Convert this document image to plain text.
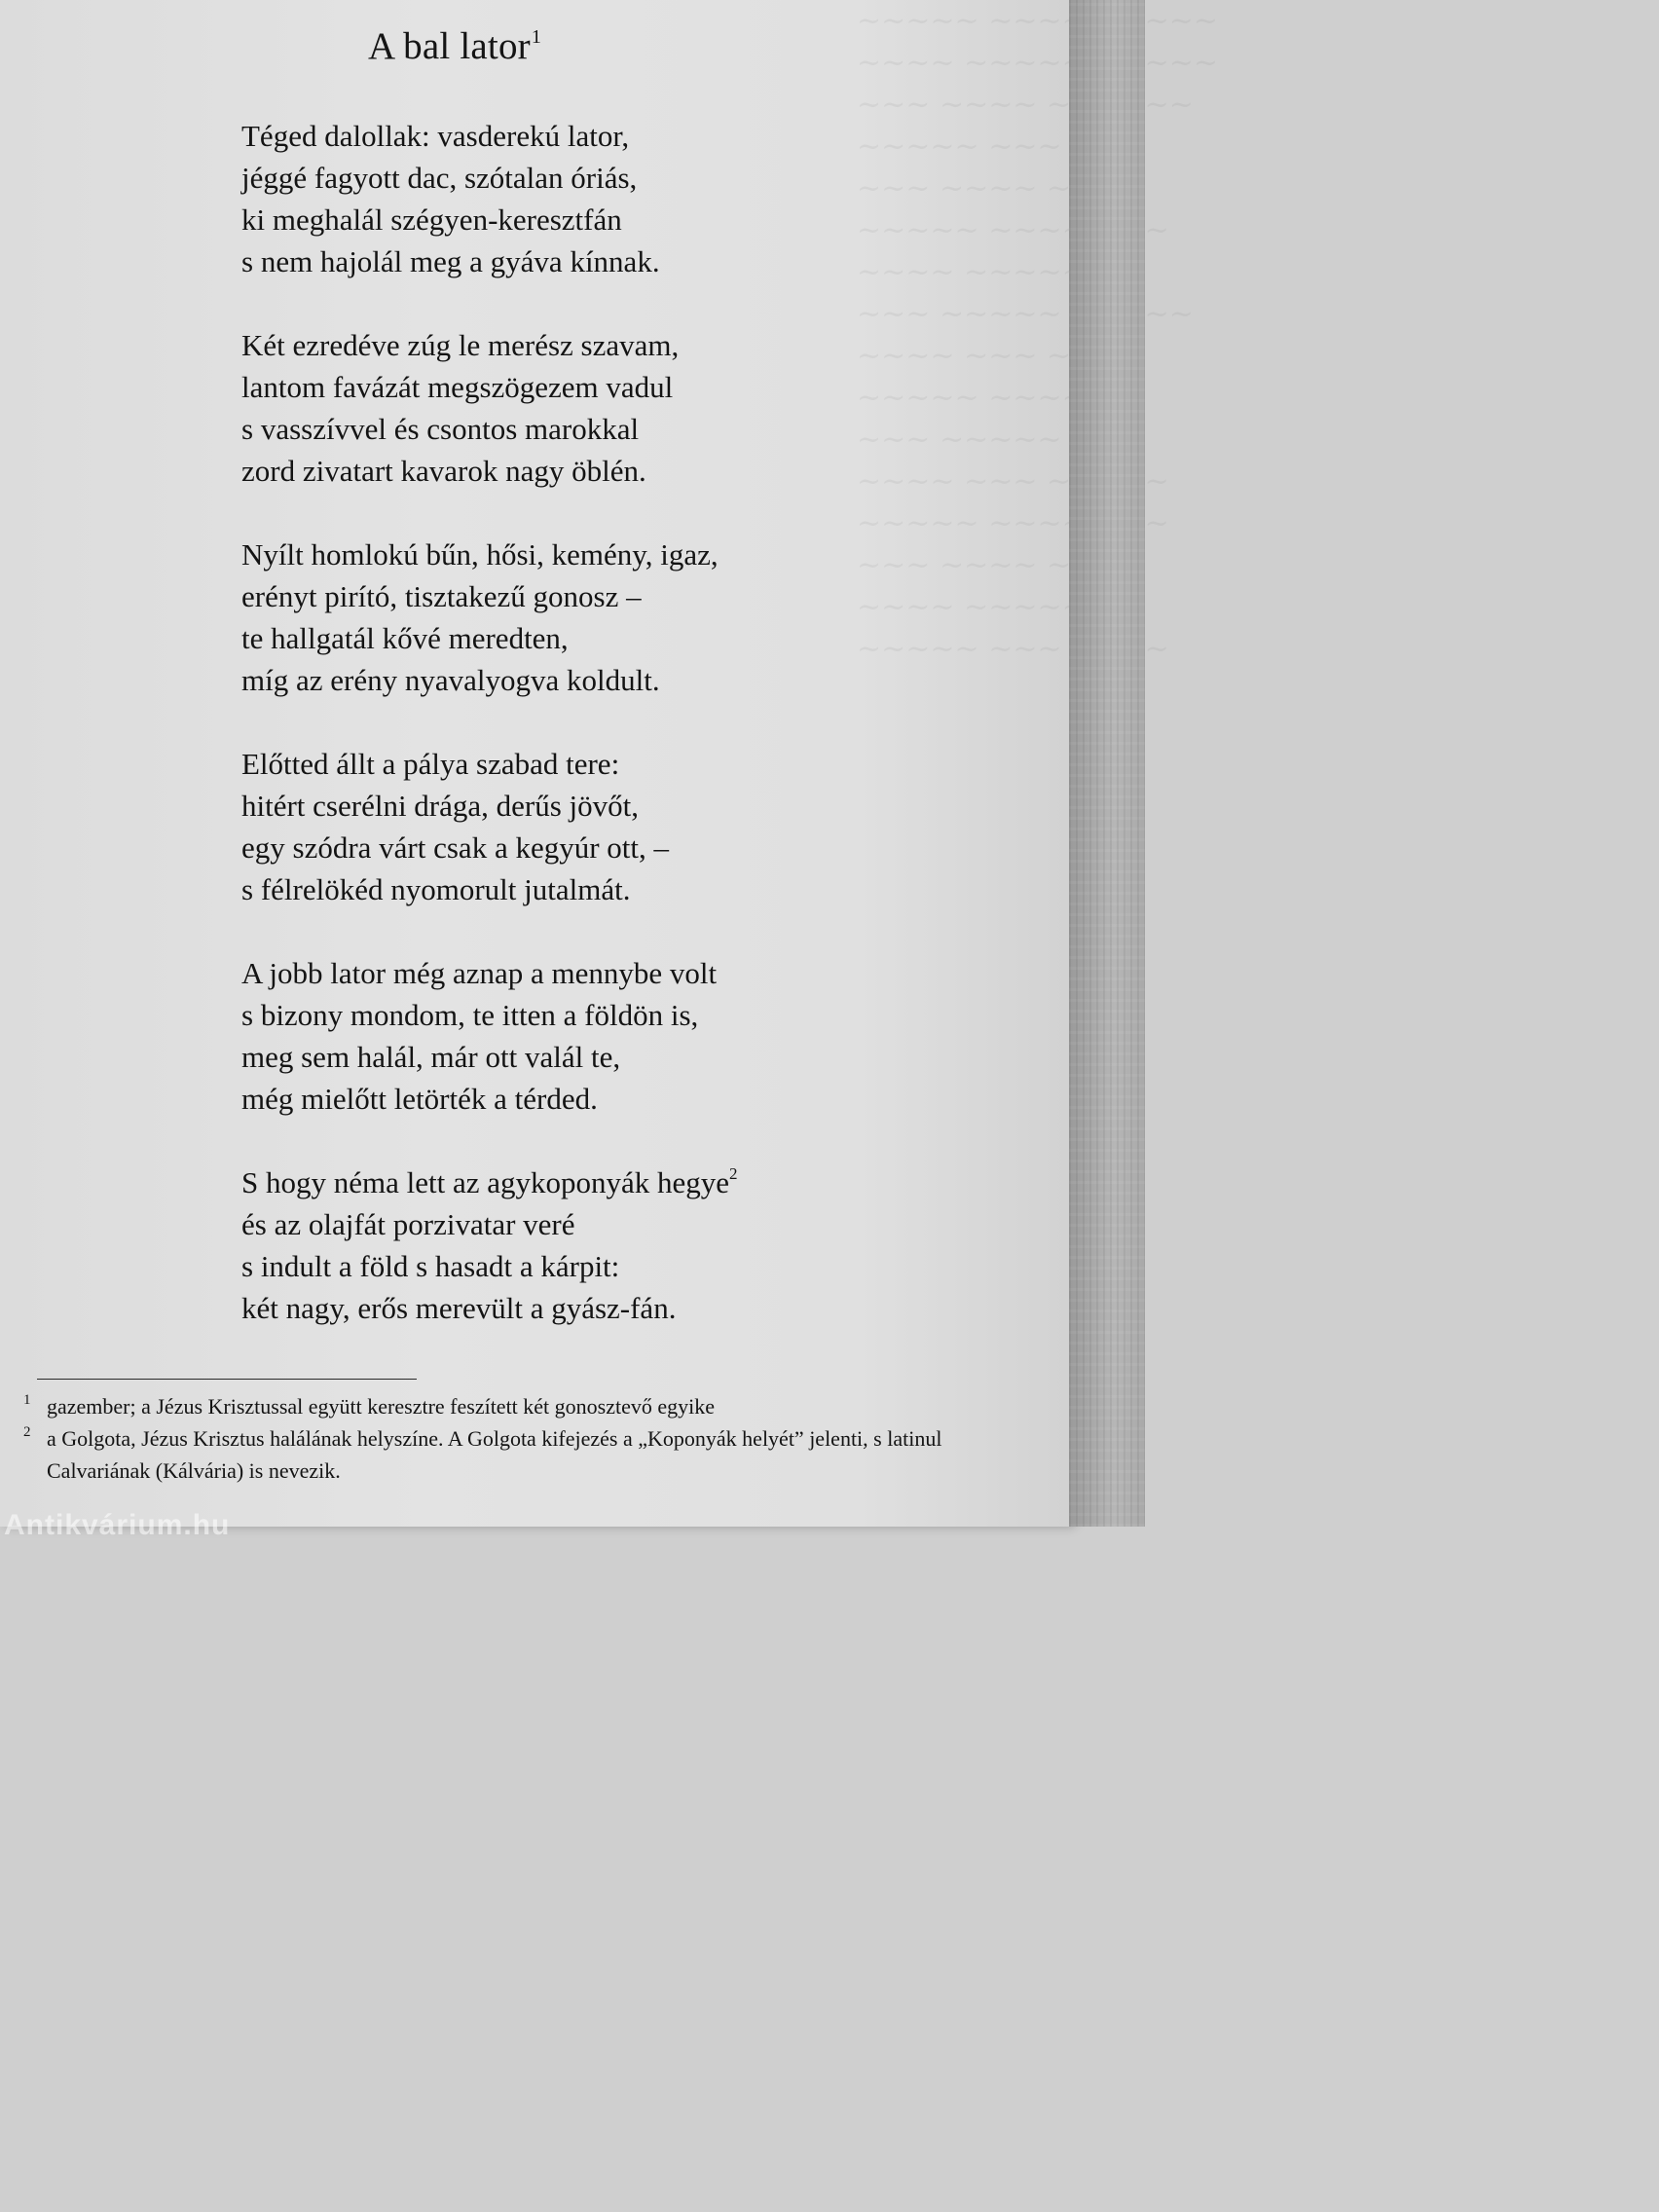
~~~~~ ~~~~ ~~~~~
~~~~ ~~~~~ ~~~~~
~~~ ~~~~ ~~~~~~
~~~~~ ~~~
~~~ ~~~~ ~~~
~~~~~ ~~~~ ~~~
~~~~ ~~~~~ ~~
~~~ ~~~~~ ~~~~~
~~~~ ~~~ ~~~~
~~~~~ ~~~~ ~~
~~~ ~~~~~ ~~~
~~~~ ~~~ ~~~~~
~~~~~ ~~~~ ~~~
~~~ ~~~~ ~~~~
~~~~ ~~~~~ ~~
~~~~~ ~~~ ~~~~
A bal lator$^1$
Téged dalollak: vasderekú lator,
jéggé fagyott dac, szótalan óriás,
ki meghalál szégyen-keresztfán
s nem hajolál meg a gyáva kínnak.
Két ezredéve zúg le merész szavam,
lantom favázát megszögezem vadul
s vasszívvel és csontos marokkal
zord zivatart kavarok nagy öblén.
Nyílt homlokú bűn, hősi, kemény, igaz,
erényt pirító, tisztakezű gonosz –
te hallgatál kővé meredten,
míg az erény nyavalyogva koldult.
Előtted állt a pálya szabad tere:
hitért cserélni drága, derűs jövőt,
egy szódra várt csak a kegyúr ott, –
s félrelökéd nyomorult jutalmát.
A jobb lator még aznap a mennybe volt
s bizony mondom, te itten a földön is,
meg sem halál, már ott valál te,
még mielőtt letörték a térded.
S hogy néma lett az agykoponyák hegye$^2$
és az olajfát porzivatar veré
s indult a föld s hasadt a kárpit:
két nagy, erős merevült a gyász-fán.
1 gazember; a Jézus Krisztussal együtt keresztre feszített két gonosztevő egyike
2 a Golgota, Jézus Krisztus halálának helyszíne. A Golgota kifejezés a „Koponyák helyét” jelenti, s latinul Calvariának (Kálvária) is nevezik.
Antikvárium.hu
